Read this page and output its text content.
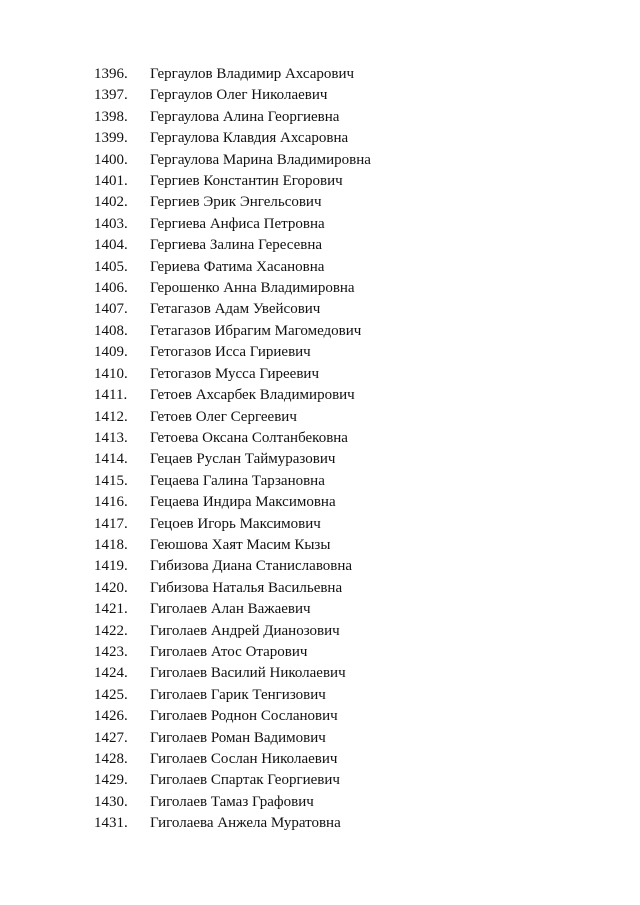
1396. Гергаулов Владимир Ахсарович
1397. Гергаулов Олег Николаевич
1398. Гергаулова Алина Георгиевна
1399. Гергаулова Клавдия Ахсаровна
1400. Гергаулова Марина Владимировна
1401. Гергиев Константин Егорович
1402. Гергиев Эрик Энгельсович
1403. Гергиева Анфиса Петровна
1404. Гергиева Залина Гересевна
1405. Гериева Фатима Хасановна
1406. Герошенко Анна Владимировна
1407. Гетагазов Адам Увейсович
1408. Гетагазов Ибрагим Магомедович
1409. Гетогазов Исса Гириевич
1410. Гетогазов Мусса Гиреевич
1411. Гетоев Ахсарбек Владимирович
1412. Гетоев Олег Сергеевич
1413. Гетоева Оксана Солтанбековна
1414. Гецаев Руслан Таймуразович
1415. Гецаева Галина Тарзановна
1416. Гецаева Индира Максимовна
1417. Гецоев Игорь Максимович
1418. Геюшова Хаят Масим Кызы
1419. Гибизова Диана Станиславовна
1420. Гибизова Наталья Васильевна
1421. Гиголаев Алан Важаевич
1422. Гиголаев Андрей Дианозович
1423. Гиголаев Атос Отарович
1424. Гиголаев Василий Николаевич
1425. Гиголаев Гарик Тенгизович
1426. Гиголаев Роднон Сосланович
1427. Гиголаев Роман Вадимович
1428. Гиголаев Сослан Николаевич
1429. Гиголаев Спартак Георгиевич
1430. Гиголаев Тамаз Графович
1431. Гиголаева Анжела Муратовна
